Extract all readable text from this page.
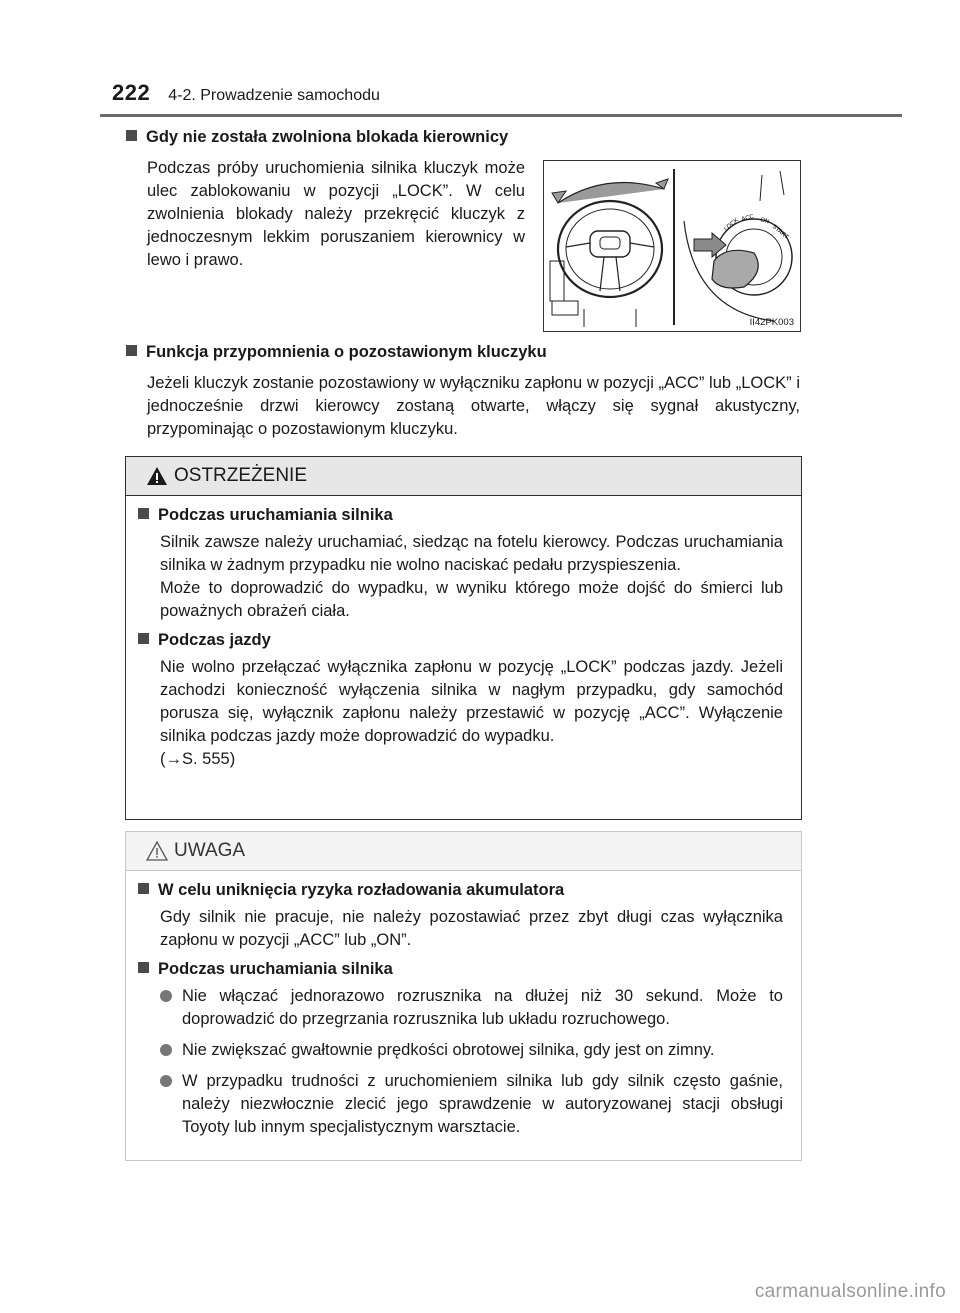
222 4-2. Prowadzenie samochodu
Gdy nie została zwolniona blokada kierownicy
Podczas próby uruchomienia silnika kluczyk może ulec zablokowaniu w pozycji „LOCK”. W celu zwolnienia blokady należy przekręcić kluczyk z jednoczesnym lekkim poruszaniem kierownicy w lewo i prawo.
LOCK ACC ON
START
II42PK003
Funkcja przypomnienia o pozostawionym kluczyku
Jeżeli kluczyk zostanie pozostawiony w wyłączniku zapłonu w pozycji „ACC” lub „LOCK” i jednocześnie drzwi kierowcy zostaną otwarte, włączy się sygnał akustyczny, przypominając o pozostawionym kluczyku.
OSTRZEŻENIE
Podczas uruchamiania silnika
Silnik zawsze należy uruchamiać, siedząc na fotelu kierowcy. Podczas uruchamiania silnika w żadnym przypadku nie wolno naciskać pedału przyspieszenia.
Może to doprowadzić do wypadku, w wyniku którego może dojść do śmierci lub poważnych obrażeń ciała.
Podczas jazdy
Nie wolno przełączać wyłącznika zapłonu w pozycję „LOCK” podczas jazdy. Jeżeli zachodzi konieczność wyłączenia silnika w nagłym przypadku, gdy samochód porusza się, wyłącznik zapłonu należy przestawić w pozycję „ACC”. Wyłączenie silnika podczas jazdy może doprowadzić do wypadku.
(→S. 555)
UWAGA
W celu uniknięcia ryzyka rozładowania akumulatora
Gdy silnik nie pracuje, nie należy pozostawiać przez zbyt długi czas wyłącznika zapłonu w pozycji „ACC” lub „ON”.
Podczas uruchamiania silnika
Nie włączać jednorazowo rozrusznika na dłużej niż 30 sekund. Może to doprowadzić do przegrzania rozrusznika lub układu rozruchowego.
Nie zwiększać gwałtownie prędkości obrotowej silnika, gdy jest on zimny.
W przypadku trudności z uruchomieniem silnika lub gdy silnik często gaśnie, należy niezwłocznie zlecić jego sprawdzenie w autoryzowanej stacji obsługi Toyoty lub innym specjalistycznym warsztacie.
carmanualsonline.info
